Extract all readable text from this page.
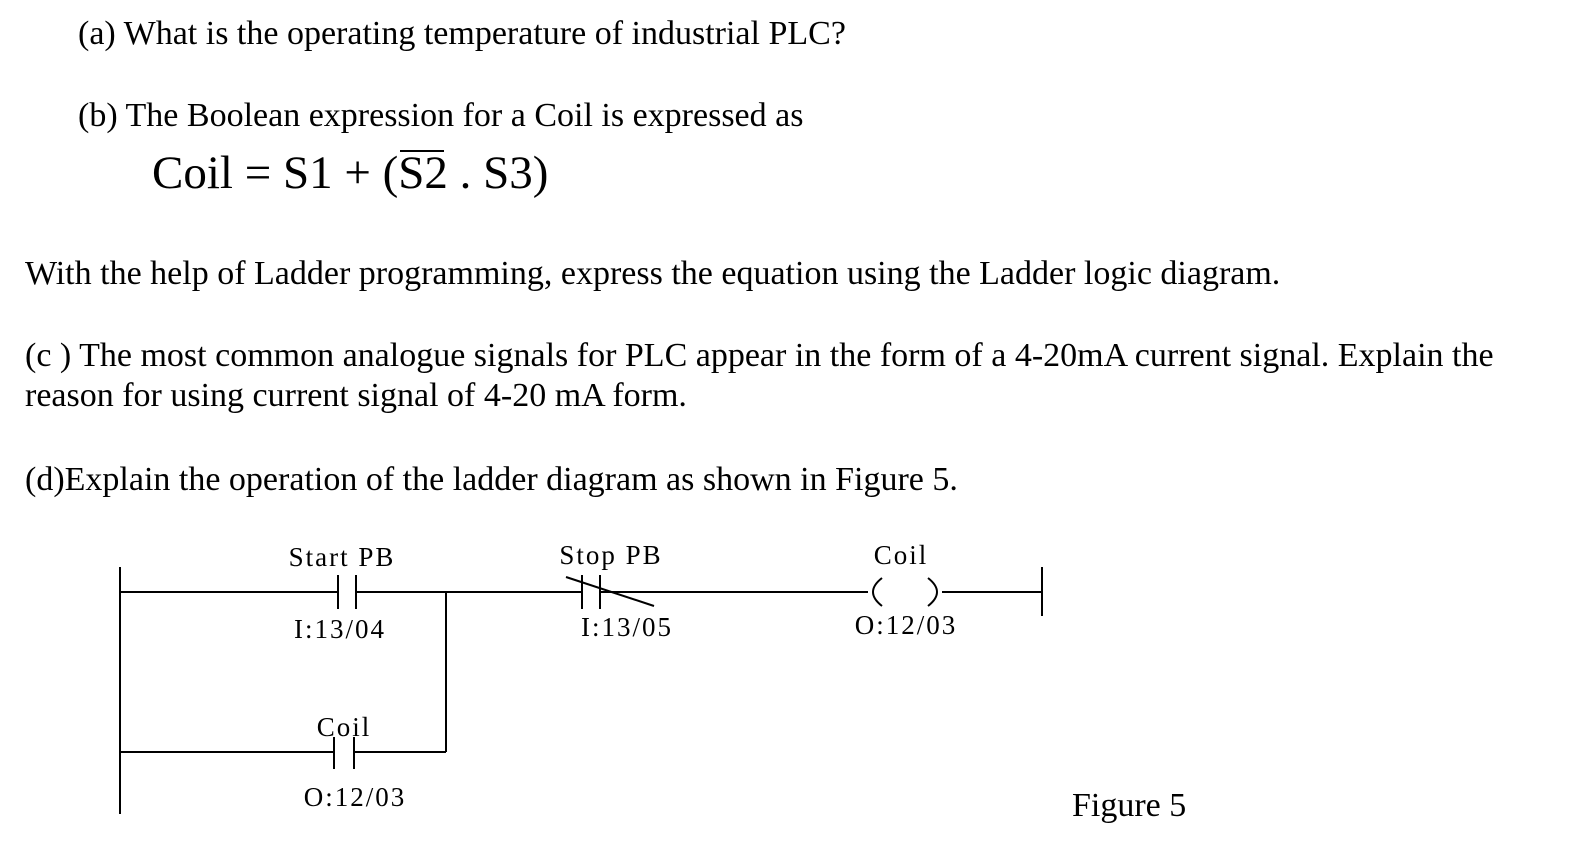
(a) What is the operating temperature of industrial PLC?
(b) The Boolean expression for a Coil is expressed as
Coil = S1 + (S2 . S3)
With the help of Ladder programming, express the equation using the Ladder logic diagram.
(c ) The most common analogue signals for PLC appear in the form of a 4-20mA current signal. Explain the
reason for using current signal of 4-20 mA form.
(d)Explain the operation of the ladder diagram as shown in Figure 5.
Start PB
I:13/04
Stop PB
I:13/05
Coil
O:12/03
Coil
O:12/03	Figure 5
